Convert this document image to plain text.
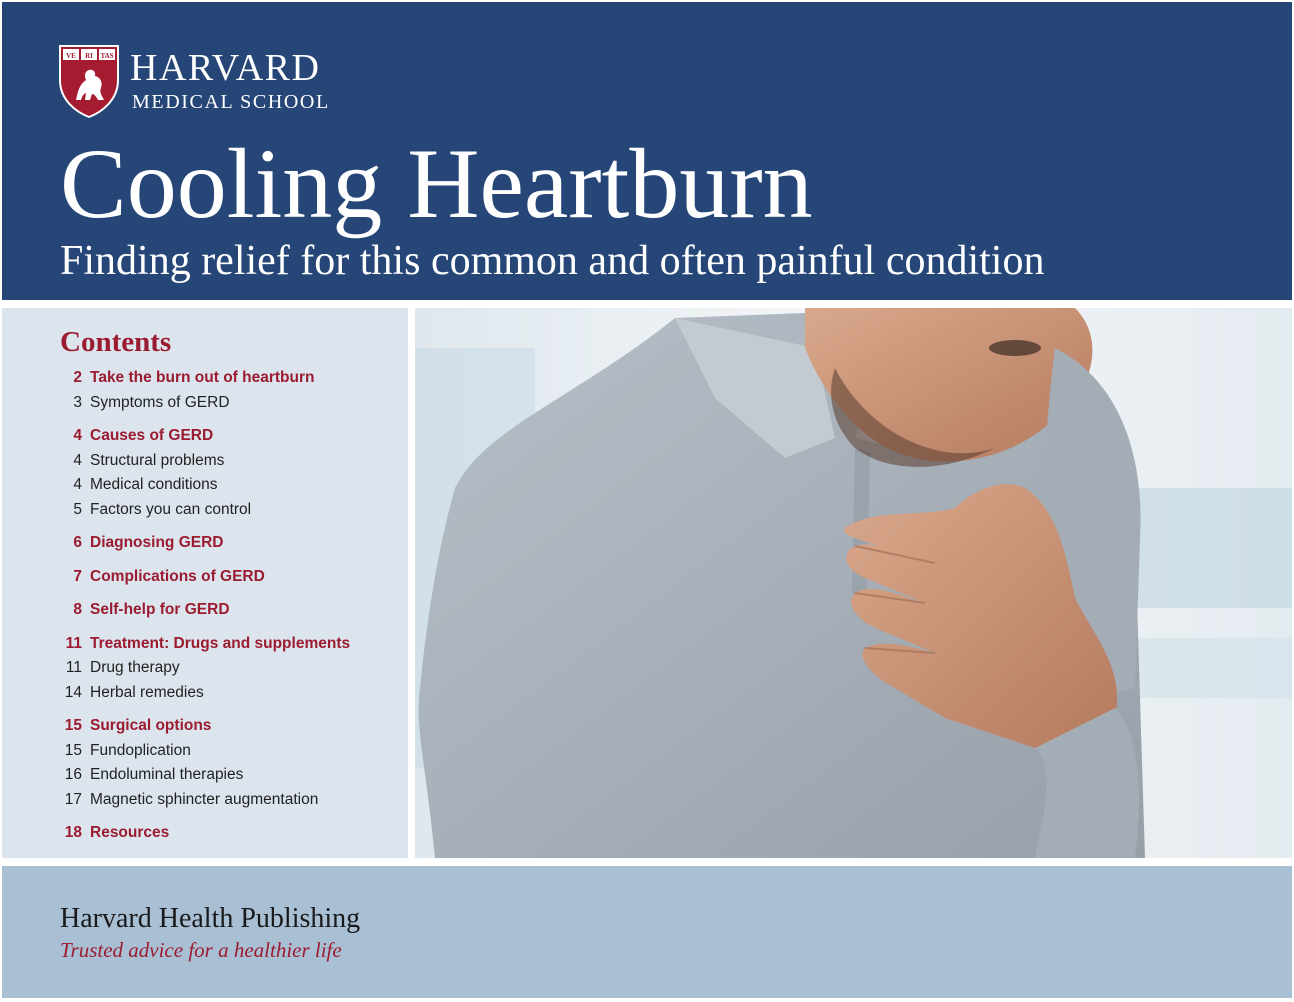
VE RI TAS HARVARD
MEDICAL SCHOOL
Cooling Heartburn
Finding relief for this common and often painful condition
Contents
2 Take the burn out of heartburn
3 Symptoms of GERD
4 Causes of GERD
4 Structural problems
4 Medical conditions
5 Factors you can control
6 Diagnosing GERD
7 Complications of GERD
8 Self-help for GERD
11 Treatment: Drugs and supplements
11 Drug therapy
14 Herbal remedies
15 Surgical options
15 Fundoplication
16 Endoluminal therapies
17 Magnetic sphincter augmentation
18 Resources
Harvard Health Publishing
Trusted advice for a healthier life
